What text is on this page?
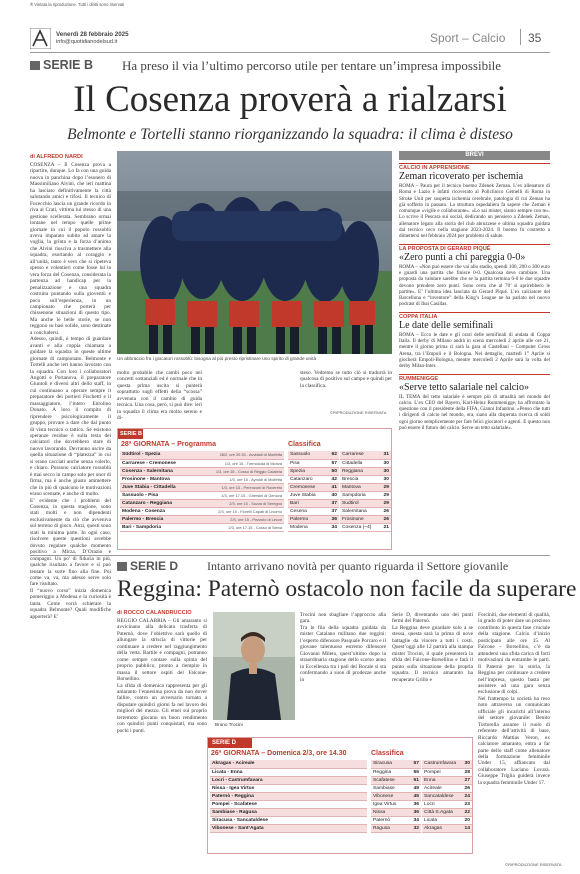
® Vietata la riproduzione. Tutti i diritti sono riservati
Venerdì 28 febbraio 2025
info@quotidianodelsud.it	Sport – Calcio 35
SERIE B Ha preso il via l’ultimo percorso utile per tentare un’impresa impossibile
Il Cosenza proverà a rialzarsi
Belmonte e Tortelli stanno riorganizzando la squadra: il clima è disteso
di ALFREDO NARDI
COSENZA – Il Cosenza prova a ripartire, dunque. Lo fa con una guida nuova in panchina dopo l’esonero di Massimiliano Alvini, che ieri mattina ha lasciato definitivamente la città salutando amici e tifosi. Il tecnico di Fucecchio lascia un grande ricordo in riva al Crati, vittima lui stesso di una gestione scellerata. Sembrano ormai lontane nel tempo quelle prime giornate in cui il popolo rossoblù aveva imparato subito ad amare la voglia, la grinta e la forza d’animo che Alvini riusciva a trasmettere alla squadra, esortando al coraggio e all’unità, tanto è vero che si ripeteva spesso e volentieri come fosse lui la vera forza del Cosenza, considerata la partenza ad handicap per la penalizzazione e una squadra costruita puntando sulla gioventù e poco sull’esperienza, in un campionato che porterà per chissenone situazioni di questo tipo. Ma anche le belle storie, se non reggono su basi solide, sono destinate a concludersi.
Adesso, quindi, è tempo di guardare avanti e alla coppia chiamata a guidare la squadra in queste ultime giornate di campionato. Belmonte e Tortelli anche ieri hanno lavorato con la squadra. Con loro i collaboratori Angotti e Portanova, il preparatore Giuntoli e diversi altri dello staff, in cui continuano a operare sempre il preparatore dei portieri Fischetti e il massaggiatore, l’intero Enrolino Donato. A loro il compito di riprendere psicologicamente il gruppo, provare a dare che dal punto di vista tecnico o tattico. Se esistono speranze residue è sulla testa dei calciatori che dovrebbero stare di nuovo lavorando. Devranno uscire da quella situazione di “platezza” in cui si erano cacciati anche senza volerlo, e chiaro. Possono calciatore rossoblù è mai secco in campo solo per onor di firma, ma è anche giusto ammettere che in più di qualcuno le motivazioni erano scemate, e anche di molto.
E’ evidente che i problemi del Cosenza, in questa stagione, sono stati molti e non dipendenti esclusivamente da ciò che avveniva sul terreno di gioco. Anzi, questi sono stati la minima parte. In ogni caso, risolvere queste questioni avrebbe dovuto regalare qualche momento positivo a Mirza, D’Orazio e compagni. Un po’ di fiducia in più, qualche risultato a favore e si può tentare la sorte fino alla fine. Poi come va, va, ma adesso serve solo fare risultato.
Il “nuovo corso” inizia domenica pomeriggio a Modena e la curiosità è tanta. Come vorrà schierare la squadra Belmonte? Quali modifiche apporterà? E’
Un abbraccio fra i giocatori rossoblù: bisogna al più presto ripristinare uno spirito di grande unità
molto probabile che cambi poco nei concetti sostanziali ed è normale che in questa prima uscita si punterà soprattutto sugli effetti della “scossa” avvenuta con il cambio di guida tecnica. Una cosa, però, si può dire: ieri in squadra il clima era molto sereno e di-
steso. Vedremo se tutto ciò si tradurrà in qualcosa di positivo sul campo e quindi per la classifica.
©RIPRODUZIONE RISERVATA
SERIE B
28ª GIORNATA – Programma	Classifica
Südtirol - Spezia	28/2, ore 20.30 - Avvidati di Morfetta
Carrarese - Cremonese	1/3, ore 15 - Tremoloda di Monza
Cosenza - Salernitana	1/3, ore 15 - Cosso di Reggio Calabria
Frosinone - Mantova	1/3, ore 15 - Ayroldi di Molfetta
Juve Stabia - Cittadella	1/3, ore 15 - Perenzoni di Rovereto
Sassuolo - Pisa	1/3, ore 17.15 - Ghersini di Genova
Catanzaro - Reggiana	2/3, ore 15 - Sozza di Seregno
Modena - Cosenza	2/3, ore 15 - Fiorelli Capati di Livorno
Palermo - Brescia	2/3, ore 15 - Pezzuto di Lecce
Bari - Sampdoria	2/3, ore 17.15 - Cosso di Siena
Sassuolo	62
Pisa	57
Spezia	50
Catanzaro	42
Cremonese	41
Juve Stabia	40
Bari	37
Cesena	37
Palermo	36
Modena	34
Carrarese	31
Cittadella	30
Reggiana	30
Brescia	30
Mantova	29
Sampdoria	29
Sudtirol	29
Salernitana	26
Frosinone	26
Cosenza (–4)	21
BREVI
CALCIO IN APPRENSIONE
Zeman ricoverato per ischemia
ROMA – Paura per il tecnico boemo Zdenek Zeman. L’ex allenatore di Roma e Lazio è infatti ricoverato al Policlinico Gemelli di Roma in Stroke Unit per sospetta ischemia cerebrale, patologia di cui Zeman ha già sofferto in passato. La struttura ospedaliera fa sapere che Zeman è comunque «vigile e collaborante». «Lo sai mister, siamo sempre con te». Lo scrive il Pescara sui social, dedicando un pensiero a Zdenek Zeman, allenatore legato alla storia del club abruzzese e ultima squadra guidata dal tecnico ceco nella stagione 2023-2024. Il boemo fu costretto a dimettersi nel febbraio 2024 per problemi di salute.
LA PROPOSTA DI GERARD PIQUÉ
«Zero punti a chi pareggia 0-0»
ROMA – «Non può essere che vai allo stadio, spendi 100, 200 o 300 euro e guardi una partita che finisce 0-0. Qualcosa deve cambiare. Una proposta da valutare sarebbe che se la partita termina 0-0 le due squadre devono prendere zero punti. Sono certo che al 70’ si aprirebbero le partite». E’ l’ultima idea lanciata da Gerard Piqué. L’ex calciatore del Barcellona e “inventore” della King’s League ne ha parlato nel nuovo podcast di Ibai Casillas.
COPPA ITALIA
Le date delle semifinali
ROMA – Ecco le date e gli orari delle semifinali di andata di Coppa Italia. Il derby di Milano andrà in scena mercoledì 2 aprile alle ore 21, mentre il giorno prima ci sarà la gara al Castellani – Computer Gross Arena, tra l’Empoli e il Bologna. Nel dettaglio, martedì 1° Aprile si giocherà Empoli-Bologna, mentre mercoledì 2 Aprile sarà la volta del derby Milan-Inter.
RUMMENIGGE
«Serve tetto salariale nel calcio»
IL TEMA del tetto salariale è sempre più di attualità nel mondo del calcio. L’ex CEO del Bayern, Karl-Heinz Rummenigge, ha affrontato la questione con il presidente della FIFA, Gianni Infantino. «Penso che tutti i dirigenti di calcio nel mondo, ora, siano alla disperata ricerca di soldi ogni giorno semplicemente per fare felici giocatori e agenti. E questo non può essere il futuro del calcio. Serve un tetto salariale».
SERIE D Intanto arrivano novità per quanto riguarda il Settore giovanile
Reggina: Paternò ostacolo non facile da superare
di ROCCO CALANDRUCCIO
REGGIO CALABRIA – Gli amaranto si avvicinano alla delicata trasferta di Paternò, dove l’obiettivo sarà quello di allungare la striscia di vittorie per continuare a credere nel raggiungimento della vetta. Bartile e compagni, potranno come sempre contare sulla spinta del proprio pubblico, pronto a riempire in massa il settore ospiti del Falcone-Borsellino.
La sfida di domenica rappresenta per gli amaranto l’ennesima prova da non dover fallire, contro un avversario tornato a disputare quindici giorni fa nel lavoro dei migliori del mezzo. Gli etnei sul proprio terremoto giocano un buon rendimento con quindici punti conquistati, ma sono pochi i punti.
Bruno Trocini
Trocini non sbagliare l’approccio alla gara.
Tra le fila della squadra guidata da mister Catalano militano due reggini: l’esperto difensore Pasquale Porcaro e il giovane talentuoso estremo difensore Giovanni Mileto, quest’ultimo dopo la straordinaria stagione dello scorso anno in Eccellenza tra i pali del Bocale si sta confermando a suon di prodezze anche in
Serie D, diventando uno dei punti fermi del Paternò.
La Reggina deve guardare solo a se stessa, questa sarà la prima di nove battaglie da vincere a tutti i costi. Quest’oggi alle 12 partirà alla stampa mister Trocini, il quale presenterà la sfida del Falcone-Borsellino e farà il punto sulla situazione della propria squadra. Il tecnico amaranto ha recuperato Grillo e
Forciniti, due elementi di qualità, in grado di poter dare un prezioso contributo in questa fase cruciale della stagione. Calcio d’inizio posticipato alle ore 15. Al Falcone – Borsellino, c’è da attendersi una sfida carica di forti motivazioni da entrambe le parti. Il Paternò per la storia, la Reggina per continuare a credere nell’impresa, questo basta per assistere ad una gara senza esclusione di colpi.
Nel frattempo la società ha reso noto attraverso un comunicato ufficiale gli incarichi all’interno del settore giovanile: Benito Tortorella assume il ruolo di referente dell’attività di base, Riccardo Mattias Veron, ex calciatore amaranto, entra a far parte dello staff come allenatore della formazione femminile Under 15, affiancato dal collaboratore Luciano Lovarà. Giuseppe Triglia guiderà invece la squadra femminile Under 17.
SERIE D
26ª GIORNATA – Domenica 2/3, ore 14.30	Classifica
Akragas - Acireale
Licata - Enna
Locri - Castrumfavara
Nissa - Igea Virtus
Paternò - Reggina
Pompei - Scafatese
Sambiase - Ragusa
Siracusa - Sancataldese
Vibonese - Sant’Agata
Siracusa	57
Reggina	55
Scafatese	51
Sambiase	49
Vibonese	45
Igea Virtus	36
Nissa	36
Paternò	34
Ragusa	32
Castrumfavara	30
Pompei	28
Enna	27
Acireale	26
Sancataldese	24
Locri	23
Città S.Agata	22
Licata	20
Akragas	14
©RIPRODUZIONE RISERVATA
